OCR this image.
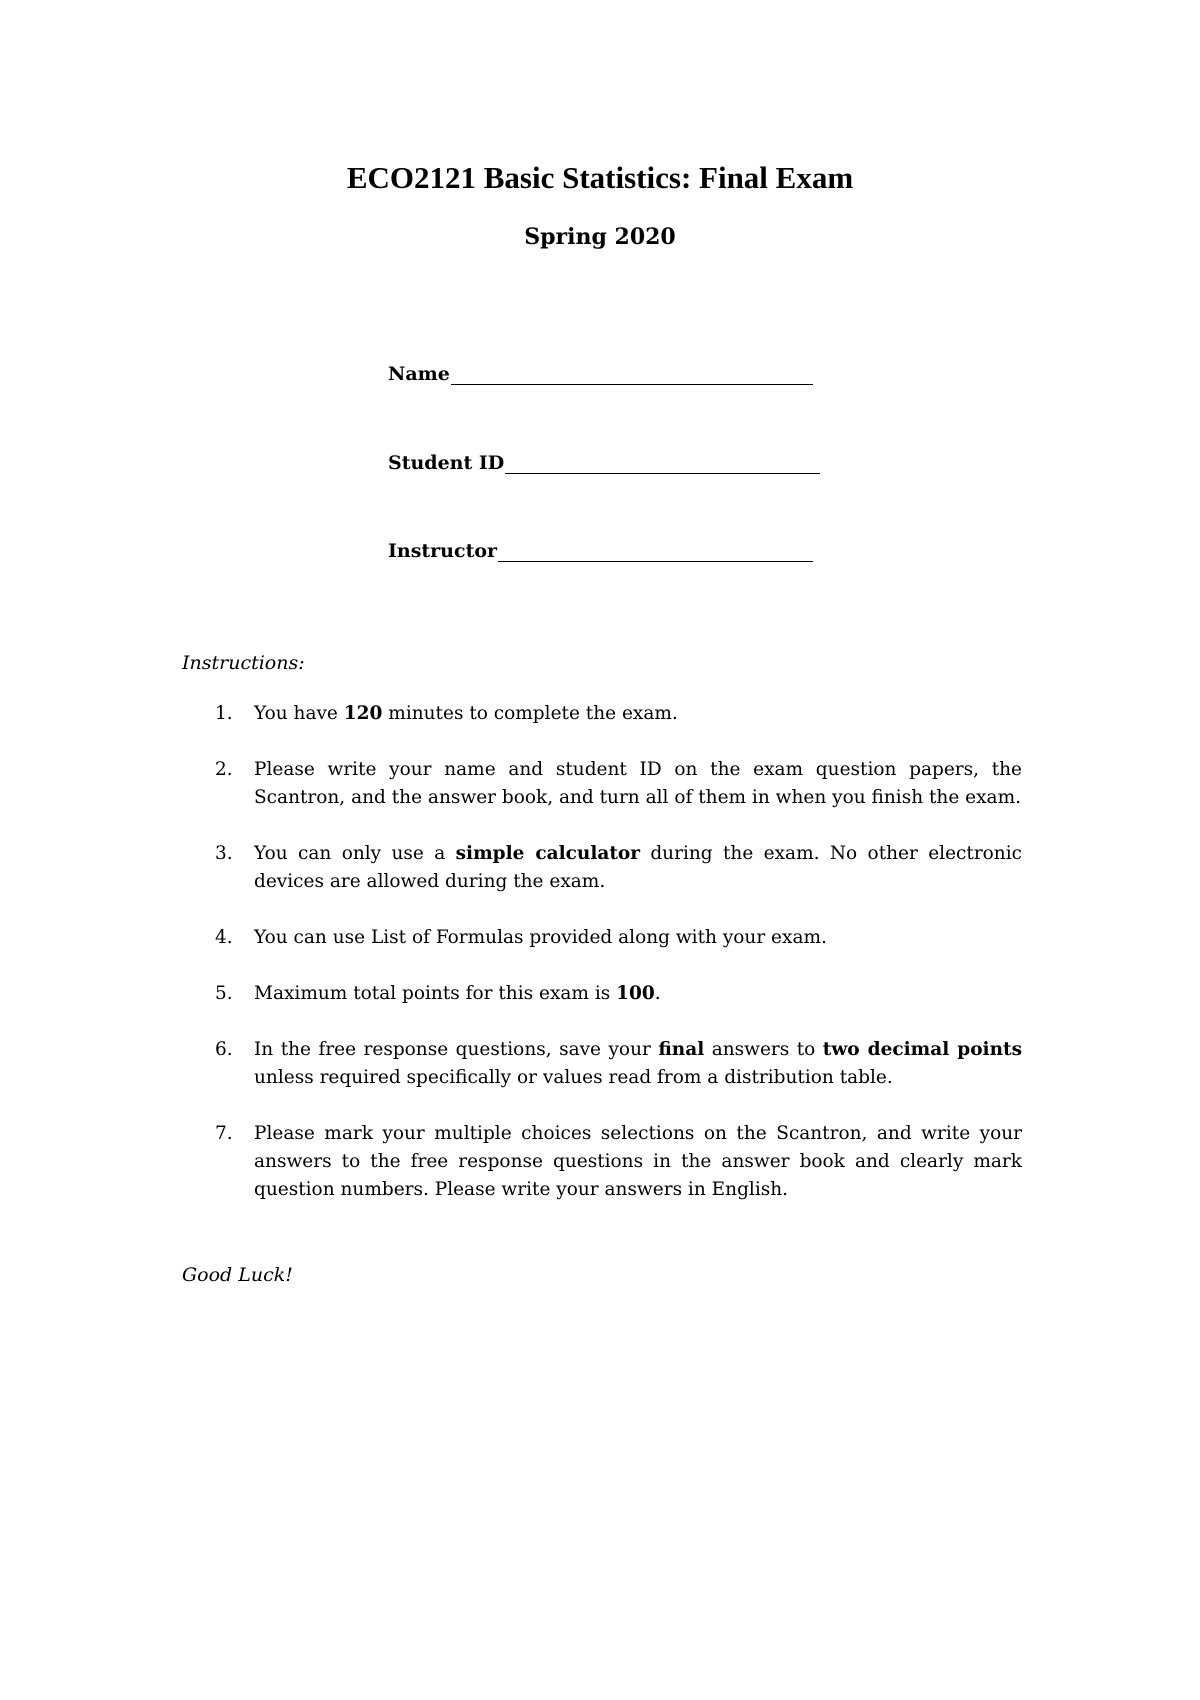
ECO2121 Basic Statistics: Final Exam
Spring 2020
Name
Student ID
Instructor

Instructions:

1. You have 120 minutes to complete the exam.
2. Please write your name and student ID on the exam question papers, the Scantron, and the answer book, and turn all of them in when you finish the exam.
3. You can only use a simple calculator during the exam. No other electronic devices are allowed during the exam.
4. You can use List of Formulas provided along with your exam.
5. Maximum total points for this exam is 100.
6. In the free response questions, save your final answers to two decimal points unless required specifically or values read from a distribution table.
7. Please mark your multiple choices selections on the Scantron, and write your answers to the free response questions in the answer book and clearly mark question numbers. Please write your answers in English.

Good Luck!
